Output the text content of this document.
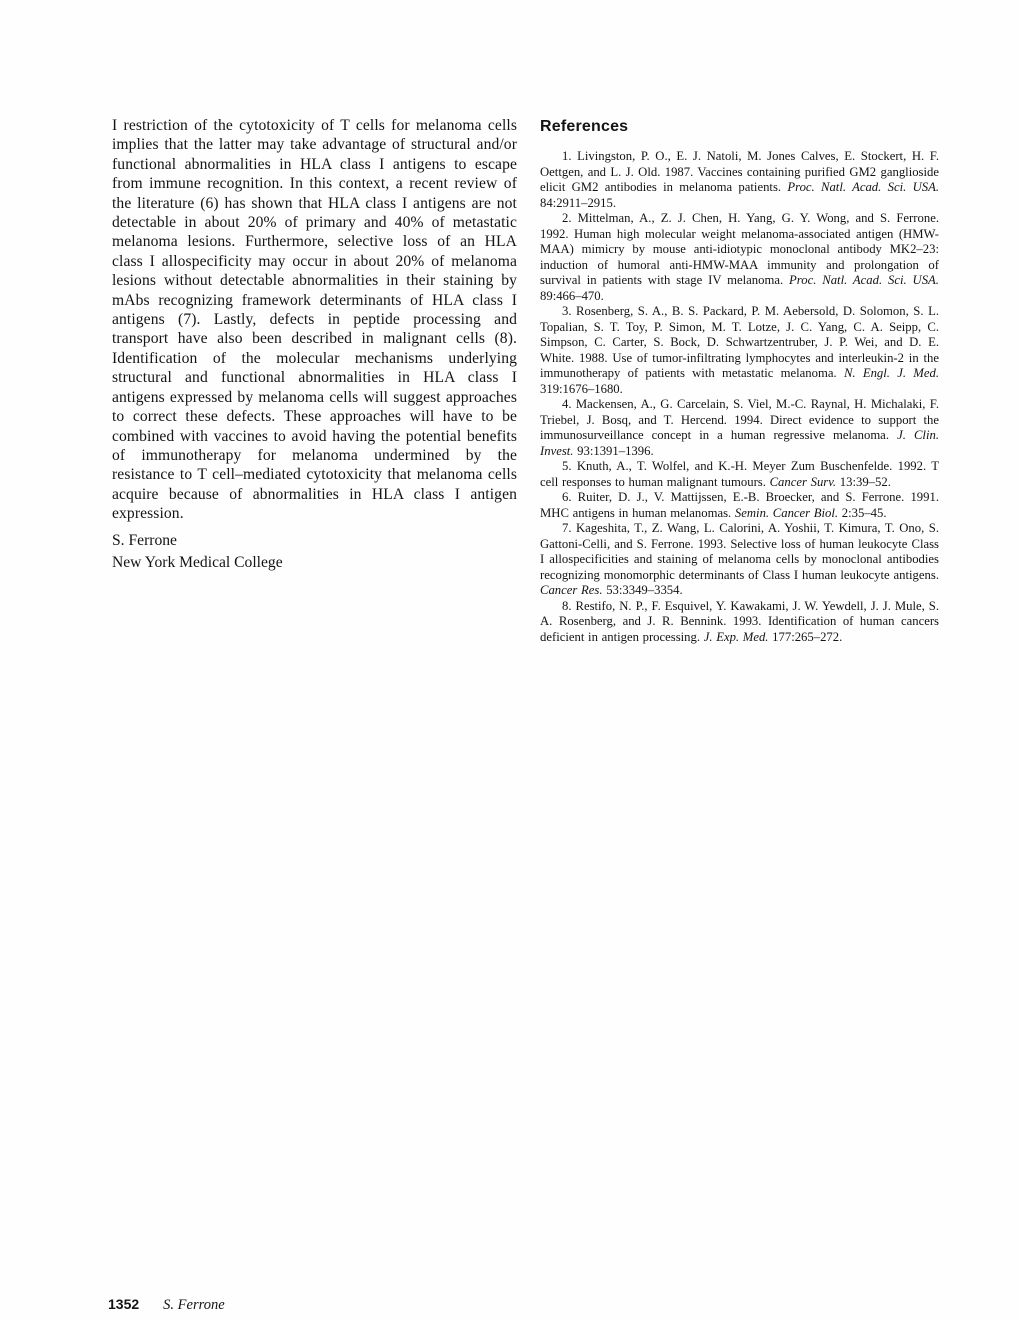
I restriction of the cytotoxicity of T cells for melanoma cells implies that the latter may take advantage of structural and/or functional abnormalities in HLA class I antigens to escape from immune recognition. In this context, a recent review of the literature (6) has shown that HLA class I antigens are not detectable in about 20% of primary and 40% of metastatic melanoma lesions. Furthermore, selective loss of an HLA class I allospecificity may occur in about 20% of melanoma lesions without detectable abnormalities in their staining by mAbs recognizing framework determinants of HLA class I antigens (7). Lastly, defects in peptide processing and transport have also been described in malignant cells (8). Identification of the molecular mechanisms underlying structural and functional abnormalities in HLA class I antigens expressed by melanoma cells will suggest approaches to correct these defects. These approaches will have to be combined with vaccines to avoid having the potential benefits of immunotherapy for melanoma undermined by the resistance to T cell–mediated cytotoxicity that melanoma cells acquire because of abnormalities in HLA class I antigen expression.

S. Ferrone
New York Medical College
References

1. Livingston, P. O., E. J. Natoli, M. Jones Calves, E. Stockert, H. F. Oettgen, and L. J. Old. 1987. Vaccines containing purified GM2 ganglioside elicit GM2 antibodies in melanoma patients. Proc. Natl. Acad. Sci. USA. 84:2911–2915.

2. Mittelman, A., Z. J. Chen, H. Yang, G. Y. Wong, and S. Ferrone. 1992. Human high molecular weight melanoma-associated antigen (HMW-MAA) mimicry by mouse anti-idiotypic monoclonal antibody MK2–23: induction of humoral anti-HMW-MAA immunity and prolongation of survival in patients with stage IV melanoma. Proc. Natl. Acad. Sci. USA. 89:466–470.

3. Rosenberg, S. A., B. S. Packard, P. M. Aebersold, D. Solomon, S. L. Topalian, S. T. Toy, P. Simon, M. T. Lotze, J. C. Yang, C. A. Seipp, C. Simpson, C. Carter, S. Bock, D. Schwartzentruber, J. P. Wei, and D. E. White. 1988. Use of tumor-infiltrating lymphocytes and interleukin-2 in the immunotherapy of patients with metastatic melanoma. N. Engl. J. Med. 319:1676–1680.

4. Mackensen, A., G. Carcelain, S. Viel, M.-C. Raynal, H. Michalaki, F. Triebel, J. Bosq, and T. Hercend. 1994. Direct evidence to support the immunosurveillance concept in a human regressive melanoma. J. Clin. Invest. 93:1391–1396.

5. Knuth, A., T. Wolfel, and K.-H. Meyer Zum Buschenfelde. 1992. T cell responses to human malignant tumours. Cancer Surv. 13:39–52.

6. Ruiter, D. J., V. Mattijssen, E.-B. Broecker, and S. Ferrone. 1991. MHC antigens in human melanomas. Semin. Cancer Biol. 2:35–45.

7. Kageshita, T., Z. Wang, L. Calorini, A. Yoshii, T. Kimura, T. Ono, S. Gattoni-Celli, and S. Ferrone. 1993. Selective loss of human leukocyte Class I allospecificities and staining of melanoma cells by monoclonal antibodies recognizing monomorphic determinants of Class I human leukocyte antigens. Cancer Res. 53:3349–3354.

8. Restifo, N. P., F. Esquivel, Y. Kawakami, J. W. Yewdell, J. J. Mule, S. A. Rosenberg, and J. R. Bennink. 1993. Identification of human cancers deficient in antigen processing. J. Exp. Med. 177:265–272.

1352 S. Ferrone
